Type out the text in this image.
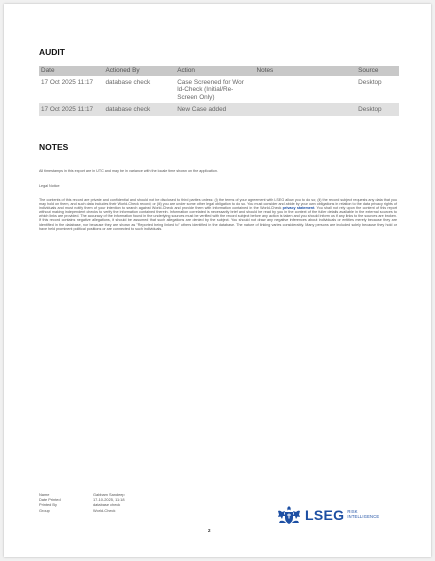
AUDIT
Date	Actioned By	Action	Notes	Source
17 Oct 2025 11:17	database check	Case Screened for Wor ld-Check (Initial/Re-Screen Only)		Desktop
17 Oct 2025 11:17	database check	New Case added		Desktop
NOTES
All timestamps in this export are in UTC and may be in variance with the locale time shown on the application.
Legal Notice
The contents of this record are private and confidential and should not be disclosed to third parties unless: (i) the terms of your agreement with LSEG allow you to do so; (ii) the record subject requests any data that you may hold on them, and such data includes their World-Check record; or (iii) you are under some other legal obligation to do so. You must consider and abide by your own obligations in relation to the data privacy rights of individuals and must notify them of your intention to search against World-Check and provide them with information contained in the World-Check privacy statement. You shall not rely upon the content of this report without making independent checks to verify the information contained therein. Information correlated is necessarily brief and should be read by you in the context of the fuller details available in the external sources to which links are provided. The accuracy of the information found in the underlying sources must be verified with the record subject before any action is taken and you should inform us if any links to the sources are broken. If this record contains negative allegations, it should be assumed that such allegations are denied by the subject. You should not draw any negative inferences about individuals or entities merely because they are identified in the database, nor because they are shown as "Reported being linked to" others identified in the database. The nature of linking varies considerably. Many persons are included solely because they hold or have held prominent political positions or are connected to such individuals.
Name	Gabbam Sandeep
Date Printed	17-10-2025, 11:18
Printed By	database check
Group	World-Check	LSEG RISK
INTELLIGENCE
2
